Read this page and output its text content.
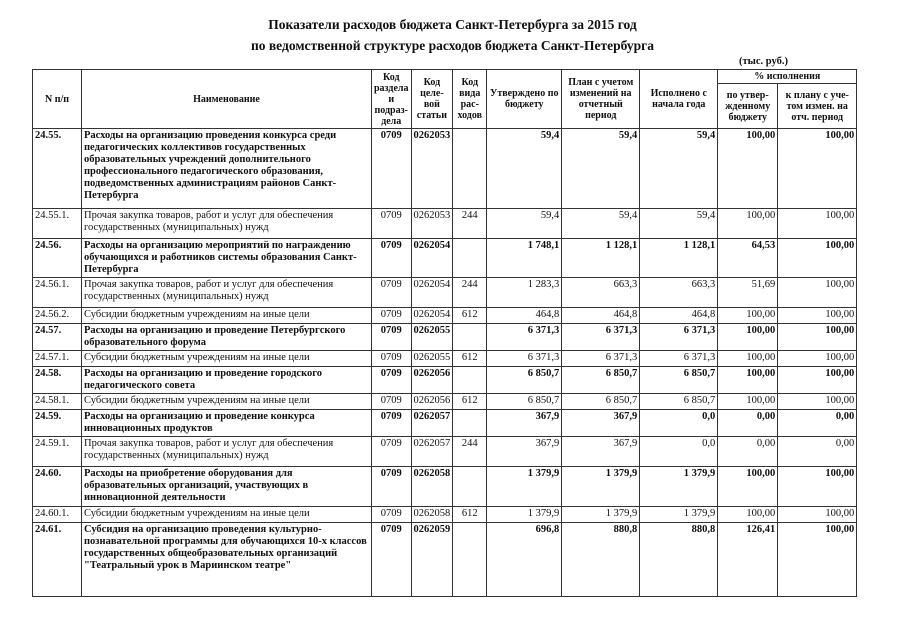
Показатели расходов бюджета Санкт-Петербурга за 2015 год
по ведомственной структуре расходов бюджета Санкт-Петербурга
(тыс. руб.)
N п/п	Наименование	Код раздела и подраз-дела	Код целе-вой статьи	Код вида рас-ходов	Утверждено по бюджету	План с учетом изменений на отчетный период	Исполнено с начала года	% исполнения	
								по утвер-жденному бюджету	к плану с уче-том измен. на отч. период
24.55.	Расходы на организацию проведения конкурса среди педагогических коллективов государственных образовательных учреждений дополнительного профессионального педагогического образования, подведомственных администрациям районов Санкт-Петербурга	0709	0262053		59,4	59,4	59,4	100,00	100,00
24.55.1.	Прочая закупка товаров, работ и услуг для обеспечения государственных (муниципальных) нужд	0709	0262053	244	59,4	59,4	59,4	100,00	100,00
24.56.	Расходы на организацию мероприятий по награждению обучающихся и работников системы образования Санкт-Петербурга	0709	0262054		1 748,1	1 128,1	1 128,1	64,53	100,00
24.56.1.	Прочая закупка товаров, работ и услуг для обеспечения государственных (муниципальных) нужд	0709	0262054	244	1 283,3	663,3	663,3	51,69	100,00
24.56.2.	Субсидии бюджетным учреждениям на иные цели	0709	0262054	612	464,8	464,8	464,8	100,00	100,00
24.57.	Расходы на организацию и проведение Петербургского образовательного форума	0709	0262055		6 371,3	6 371,3	6 371,3	100,00	100,00
24.57.1.	Субсидии бюджетным учреждениям на иные цели	0709	0262055	612	6 371,3	6 371,3	6 371,3	100,00	100,00
24.58.	Расходы на организацию и проведение городского педагогического совета	0709	0262056		6 850,7	6 850,7	6 850,7	100,00	100,00
24.58.1.	Субсидии бюджетным учреждениям на иные цели	0709	0262056	612	6 850,7	6 850,7	6 850,7	100,00	100,00
24.59.	Расходы на организацию и проведение конкурса инновационных продуктов	0709	0262057		367,9	367,9	0,0	0,00	0,00
24.59.1.	Прочая закупка товаров, работ и услуг для обеспечения государственных (муниципальных) нужд	0709	0262057	244	367,9	367,9	0,0	0,00	0,00
24.60.	Расходы на приобретение оборудования для образовательных организаций, участвующих в инновационной деятельности	0709	0262058		1 379,9	1 379,9	1 379,9	100,00	100,00
24.60.1.	Субсидии бюджетным учреждениям на иные цели	0709	0262058	612	1 379,9	1 379,9	1 379,9	100,00	100,00
24.61.	Субсидия на организацию проведения культурно-познавательной программы для обучающихся 10-х классов государственных общеобразовательных организаций "Театральный урок в Мариинском театре"	0709	0262059		696,8	880,8	880,8	126,41	100,00
